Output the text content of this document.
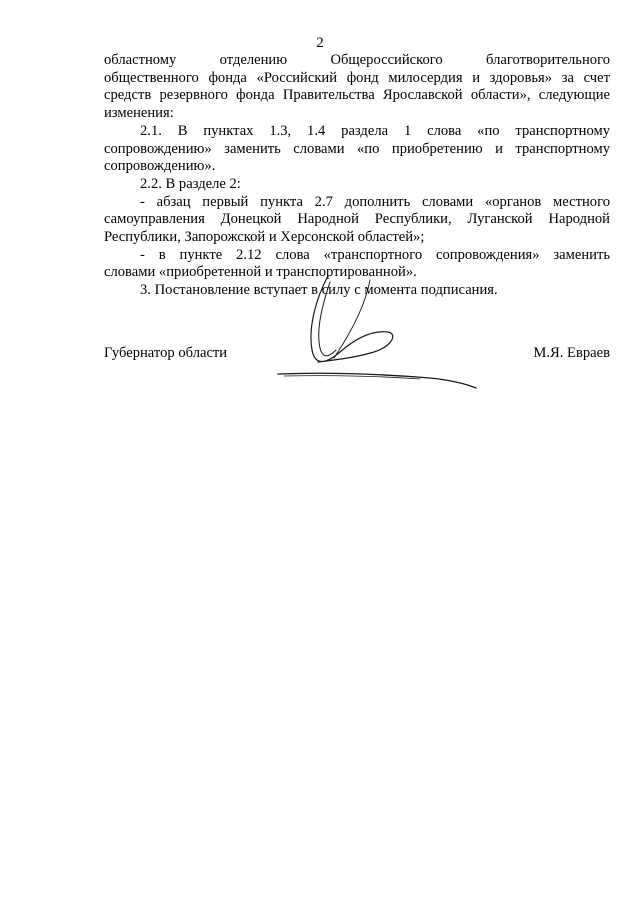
2
областному отделению Общероссийского благотворительного
общественного фонда «Российский фонд милосердия и здоровья» за счет
средств резервного фонда Правительства Ярославской области», следующие
изменения:
2.1. В пунктах 1.3, 1.4 раздела 1 слова «по транспортному
сопровождению» заменить словами «по приобретению и транспортному
сопровождению».
2.2. В разделе 2:
- абзац первый пункта 2.7 дополнить словами «органов местного
самоуправления Донецкой Народной Республики, Луганской Народной
Республики, Запорожской и Херсонской областей»;
- в пункте 2.12 слова «транспортного сопровождения» заменить
словами «приобретенной и транспортированной».
3. Постановление вступает в силу с момента подписания.
Губернатор области	М.Я. Евраев
